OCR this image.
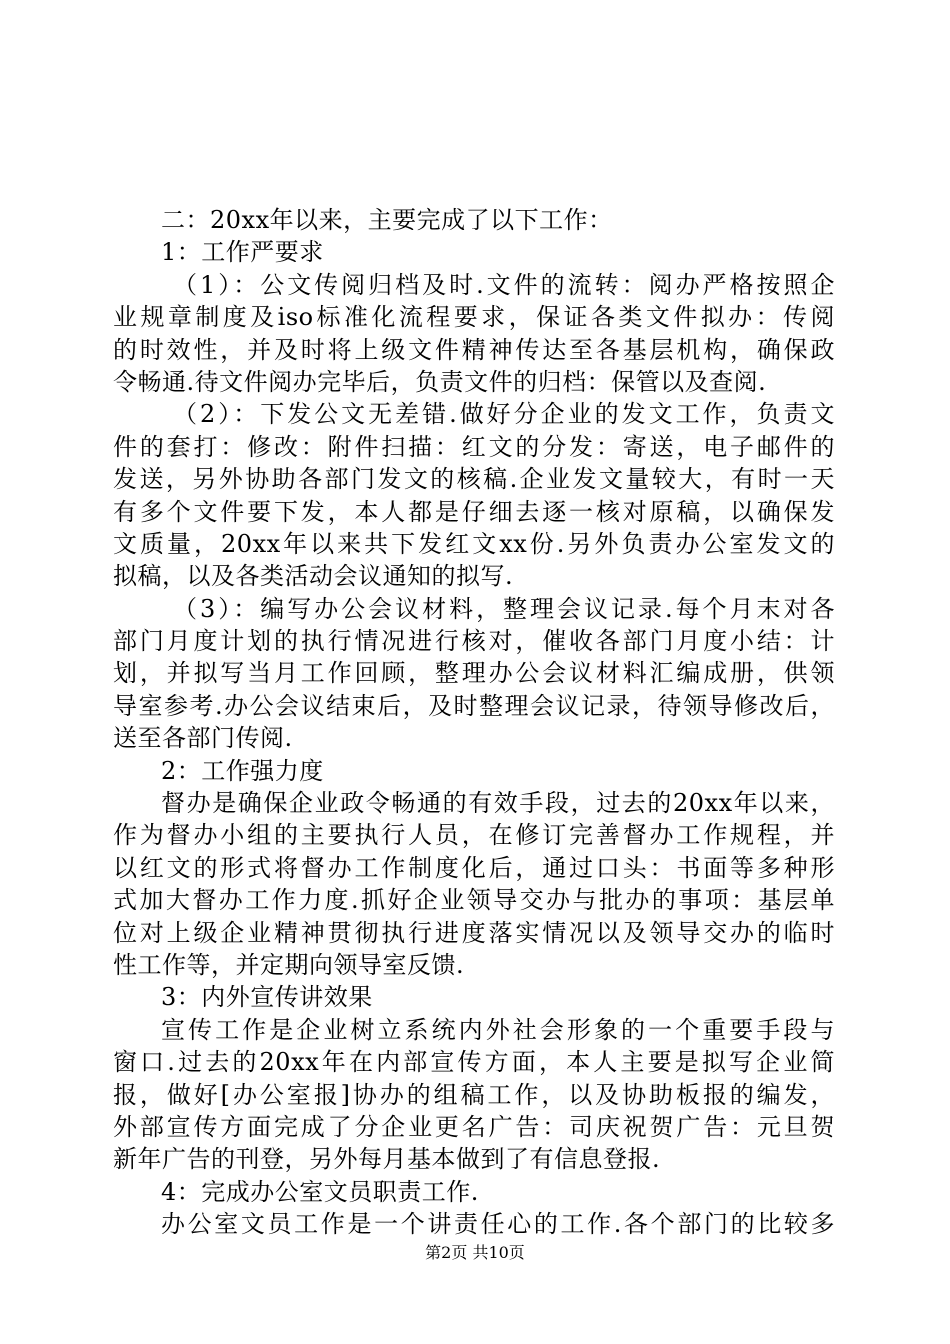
二：20xx年以来，主要完成了以下工作：
1：工作严要求
（1）：公文传阅归档及时.文件的流转：阅办严格按照企
业规章制度及iso标准化流程要求，保证各类文件拟办：传阅
的时效性，并及时将上级文件精神传达至各基层机构，确保政
令畅通.待文件阅办完毕后，负责文件的归档：保管以及查阅.
（2）：下发公文无差错.做好分企业的发文工作，负责文
件的套打：修改：附件扫描：红文的分发：寄送，电子邮件的
发送，另外协助各部门发文的核稿.企业发文量较大，有时一天
有多个文件要下发，本人都是仔细去逐一核对原稿，以确保发
文质量，20xx年以来共下发红文xx份.另外负责办公室发文的
拟稿，以及各类活动会议通知的拟写.
（3）：编写办公会议材料，整理会议记录.每个月末对各
部门月度计划的执行情况进行核对，催收各部门月度小结：计
划，并拟写当月工作回顾，整理办公会议材料汇编成册，供领
导室参考.办公会议结束后，及时整理会议记录，待领导修改后，
送至各部门传阅.
2：工作强力度
督办是确保企业政令畅通的有效手段，过去的20xx年以来，
作为督办小组的主要执行人员，在修订完善督办工作规程，并
以红文的形式将督办工作制度化后，通过口头：书面等多种形
式加大督办工作力度.抓好企业领导交办与批办的事项：基层单
位对上级企业精神贯彻执行进度落实情况以及领导交办的临时
性工作等，并定期向领导室反馈.
3：内外宣传讲效果
宣传工作是企业树立系统内外社会形象的一个重要手段与
窗口.过去的20xx年在内部宣传方面，本人主要是拟写企业简
报，做好[办公室报]协办的组稿工作，以及协助板报的编发，
外部宣传方面完成了分企业更名广告：司庆祝贺广告：元旦贺
新年广告的刊登，另外每月基本做到了有信息登报.
4：完成办公室文员职责工作.
办公室文员工作是一个讲责任心的工作.各个部门的比较多
第2页 共10页
